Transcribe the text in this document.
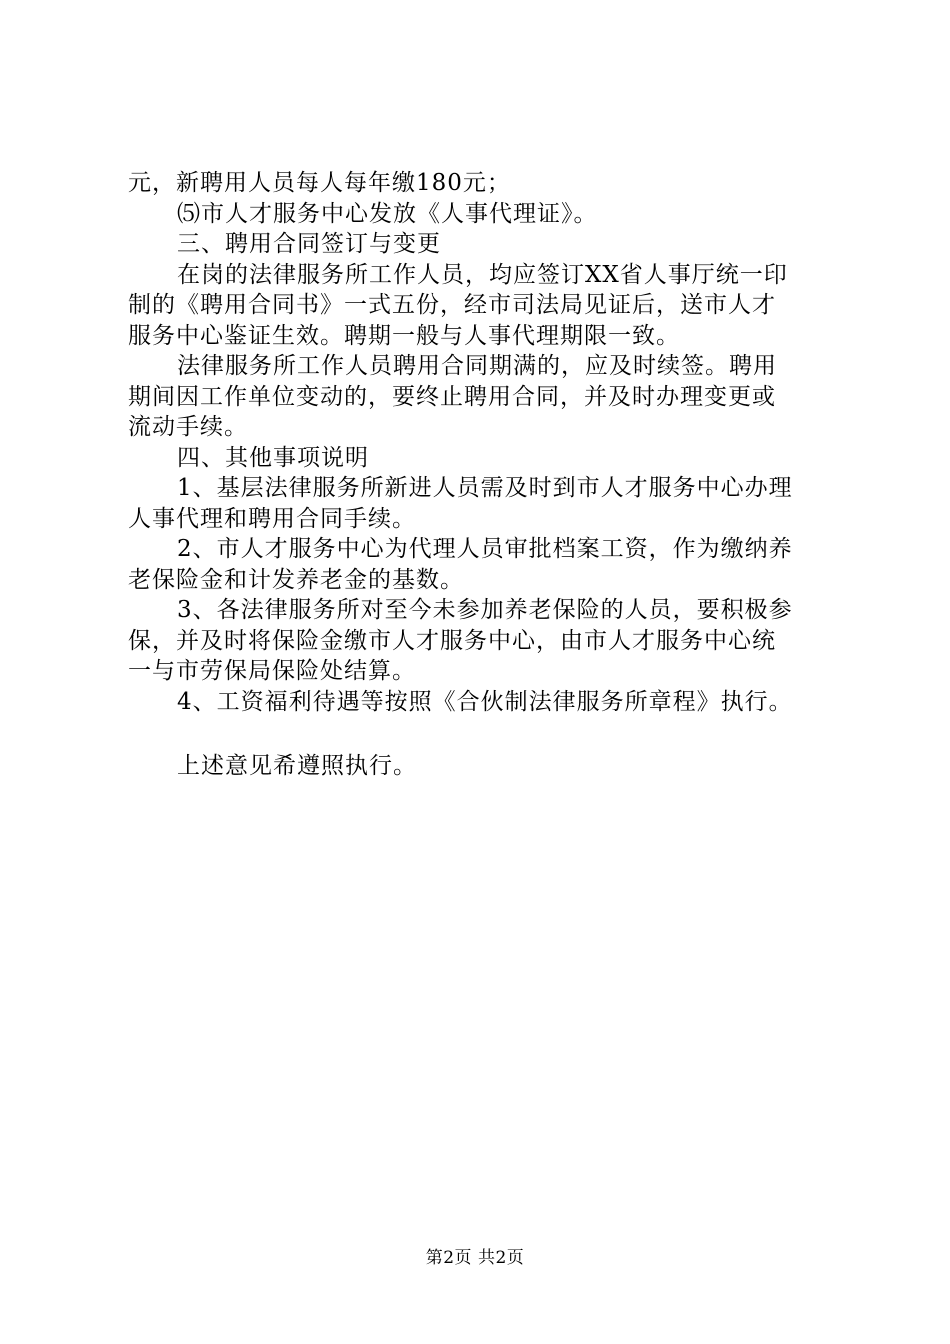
元，新聘用人员每人每年缴180元；
⑸市人才服务中心发放《人事代理证》。
三、聘用合同签订与变更
在岗的法律服务所工作人员，均应签订XX省人事厅统一印
制的《聘用合同书》一式五份，经市司法局见证后，送市人才
服务中心鉴证生效。聘期一般与人事代理期限一致。
法律服务所工作人员聘用合同期满的，应及时续签。聘用
期间因工作单位变动的，要终止聘用合同，并及时办理变更或
流动手续。
四、其他事项说明
1、基层法律服务所新进人员需及时到市人才服务中心办理
人事代理和聘用合同手续。
2、市人才服务中心为代理人员审批档案工资，作为缴纳养
老保险金和计发养老金的基数。
3、各法律服务所对至今未参加养老保险的人员，要积极参
保，并及时将保险金缴市人才服务中心，由市人才服务中心统
一与市劳保局保险处结算。
4、工资福利待遇等按照《合伙制法律服务所章程》执行。
上述意见希遵照执行。
第2页 共2页
